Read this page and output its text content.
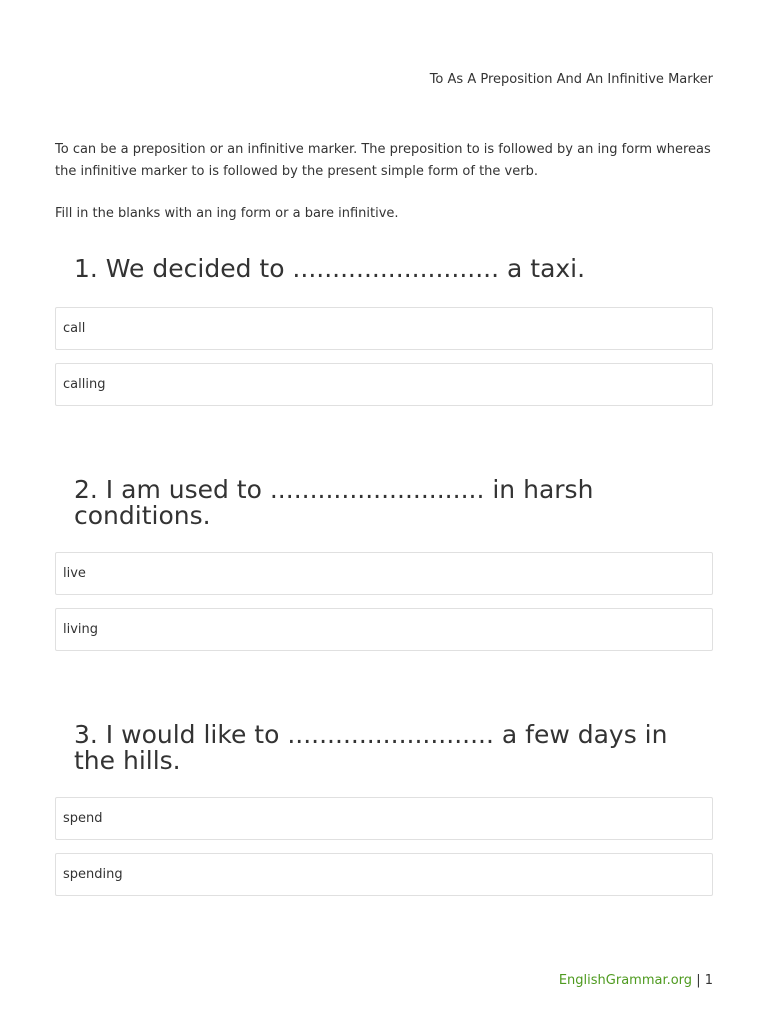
To As A Preposition And An Infinitive Marker

To can be a preposition or an infinitive marker. The preposition to is followed by an ing form whereas the infinitive marker to is followed by the present simple form of the verb.

Fill in the blanks with an ing form or a bare infinitive.

1. We decided to .......................... a taxi.
call
calling
2. I am used to ........................... in harsh conditions.
live
living
3. I would like to .......................... a few days in the hills.
spend
spending
EnglishGrammar.org | 1
